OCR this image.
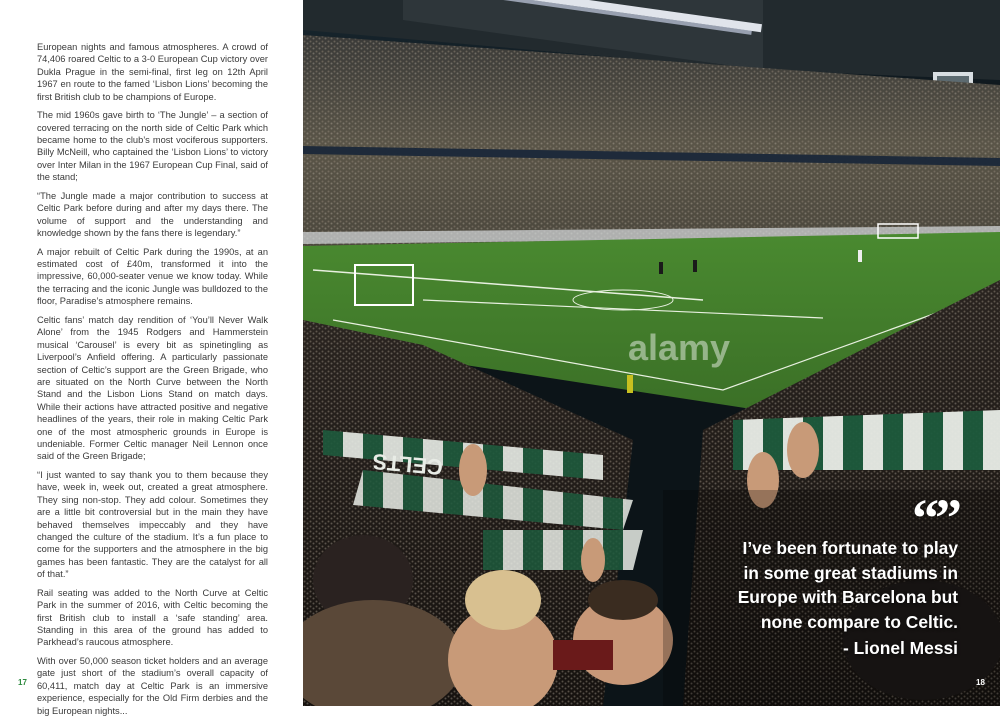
European nights and famous atmospheres. A crowd of 74,406 roared Celtic to a 3-0 European Cup victory over Dukla Prague in the semi-final, first leg on 12th April 1967 en route to the famed ‘Lisbon Lions’ becoming the first British club to be champions of Europe.

The mid 1960s gave birth to ‘The Jungle’ – a section of covered terracing on the north side of Celtic Park which became home to the club’s most vociferous supporters. Billy McNeill, who captained the ‘Lisbon Lions’ to victory over Inter Milan in the 1967 European Cup Final, said of the stand;

“The Jungle made a major contribution to success at Celtic Park before during and after my days there. The volume of support and the understanding and knowledge shown by the fans there is legendary.”

A major rebuilt of Celtic Park during the 1990s, at an estimated cost of £40m, transformed it into the impressive, 60,000-seater venue we know today. While the terracing and the iconic Jungle was bulldozed to the floor, Paradise’s atmosphere remains.

Celtic fans’ match day rendition of ‘You’ll Never Walk Alone’ from the 1945 Rodgers and Hammerstein musical ‘Carousel’ is every bit as spinetingling as Liverpool’s Anfield offering. A particularly passionate section of Celtic’s support are the Green Brigade, who are situated on the North Curve between the North Stand and the Lisbon Lions Stand on match days. While their actions have attracted positive and negative headlines of the years, their role in making Celtic Park one of the most atmospheric grounds in Europe is undeniable. Former Celtic manager Neil Lennon once said of the Green Brigade;

“I just wanted to say thank you to them because they have, week in, week out, created a great atmosphere. They sing non-stop. They add colour. Sometimes they are a little bit controversial but in the main they have behaved themselves impeccably and they have changed the culture of the stadium. It’s a fun place to come for the supporters and the atmosphere in the big games has been fantastic. They are the catalyst for all of that.”

Rail seating was added to the North Curve at Celtic Park in the summer of 2016, with Celtic becoming the first British club to install a ‘safe standing’ area. Standing in this area of the ground has added to Parkhead’s raucous atmosphere.

With over 50,000 season ticket holders and an average gate just short of the stadium’s overall capacity of 60,411, match day at Celtic Park is an immersive experience, especially for the Old Firm derbies and the big European nights...

17
CELTS
alamy
“”
I’ve been fortunate to play
in some great stadiums in
Europe with Barcelona but
none compare to Celtic.
- Lionel Messi
18
